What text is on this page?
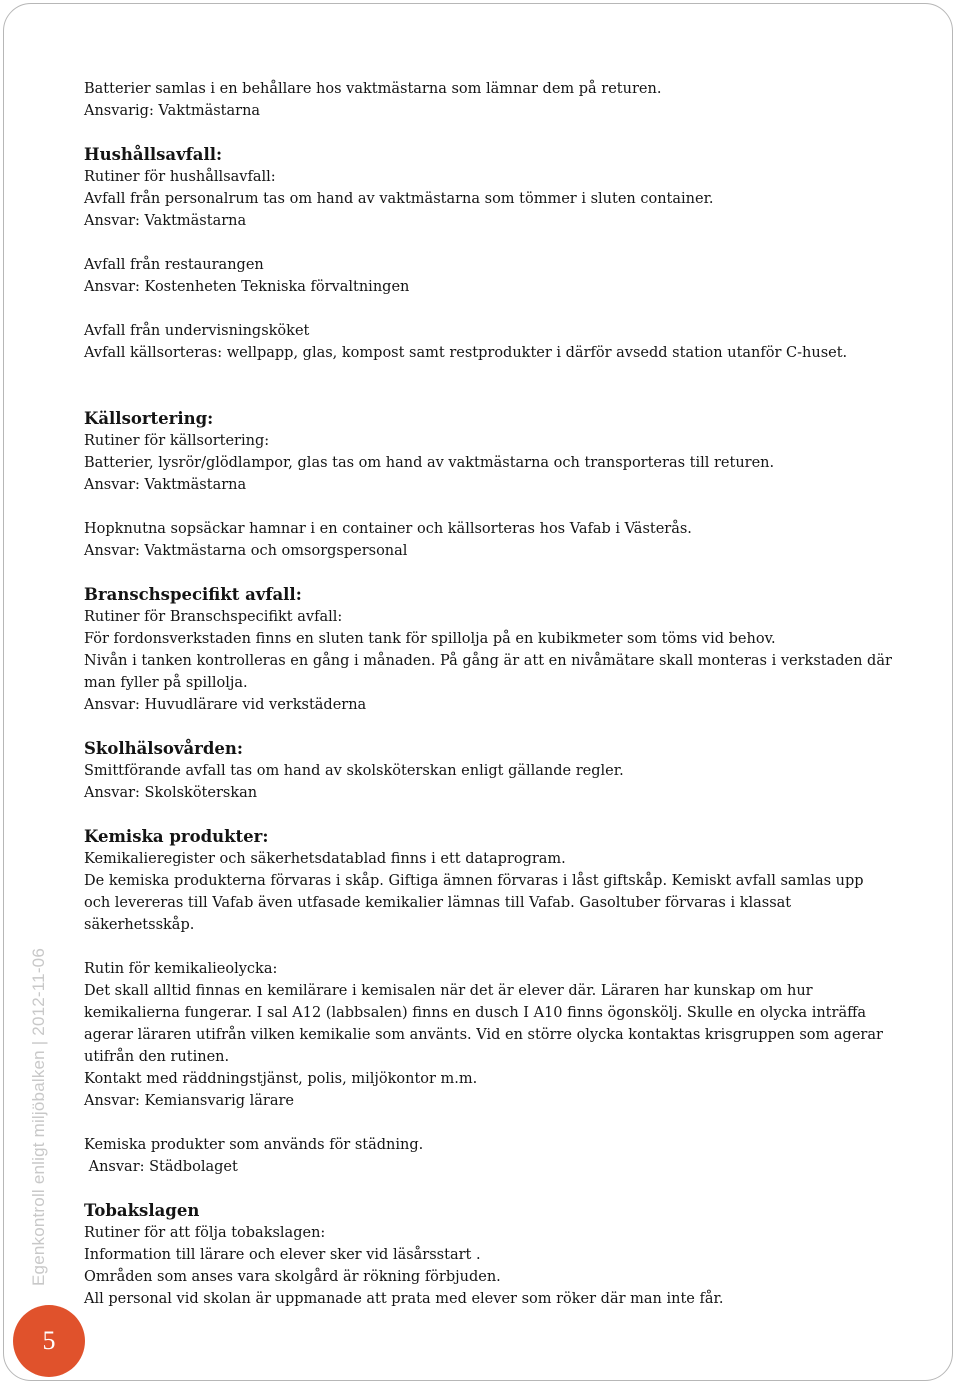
Batterier samlas i en behållare hos vaktmästarna som lämnar dem på returen.
Ansvarig: Vaktmästarna
Hushållsavfall:
Rutiner för hushållsavfall:
Avfall från personalrum tas om hand av vaktmästarna som tömmer i sluten container.
Ansvar: Vaktmästarna
Avfall från restaurangen
Ansvar: Kostenheten Tekniska förvaltningen
Avfall från undervisningsköket
Avfall källsorteras: wellpapp, glas, kompost samt restprodukter i därför avsedd station utanför C-huset.
Källsortering:
Rutiner för källsortering:
Batterier, lysrör/glödlampor, glas tas om hand av vaktmästarna och transporteras till returen.
Ansvar: Vaktmästarna
Hopknutna sopsäckar hamnar i en container och källsorteras hos Vafab i Västerås.
Ansvar: Vaktmästarna och omsorgspersonal
Branschspecifikt avfall:
Rutiner för Branschspecifikt avfall:
För fordonsverkstaden finns en sluten tank för spillolja på en kubikmeter som töms vid behov.
Nivån i tanken kontrolleras en gång i månaden. På gång är att en nivåmätare skall monteras i verkstaden där man fyller på spillolja.
Ansvar: Huvudlärare vid verkstäderna
Skolhälsovården:
Smittförande avfall tas om hand av skolsköterskan enligt gällande regler.
Ansvar: Skolsköterskan
Kemiska produkter:
Kemikalieregister och säkerhetsdatablad finns i ett dataprogram.
De kemiska produkterna förvaras i skåp. Giftiga ämnen förvaras i låst giftskåp. Kemiskt avfall samlas upp och levereras till Vafab även utfasade kemikalier lämnas till Vafab. Gasoltuber förvaras i klassat säkerhetsskåp.
Rutin för kemikalieolycka:
Det skall alltid finnas en kemilärare i kemisalen när det är elever där. Läraren har kunskap om hur kemikalierna fungerar. I sal A12 (labbsalen) finns en dusch I A10 finns ögonskölj. Skulle en olycka inträffa agerar läraren utifrån vilken kemikalie som använts. Vid en större olycka kontaktas krisgruppen som agerar utifrån den rutinen.
Kontakt med räddningstjänst, polis, miljökontor m.m.
Ansvar: Kemiansvarig lärare
Kemiska produkter som används för städning.
Ansvar: Städbolaget
Tobakslagen
Rutiner för att följa tobakslagen:
Information till lärare och elever sker vid läsårsstart .
Områden som anses vara skolgård är rökning förbjuden.
All personal vid skolan är uppmanade att prata med elever som röker där man inte får.
Egenkontroll enligt miljöbalken | 2012-11-06
5
